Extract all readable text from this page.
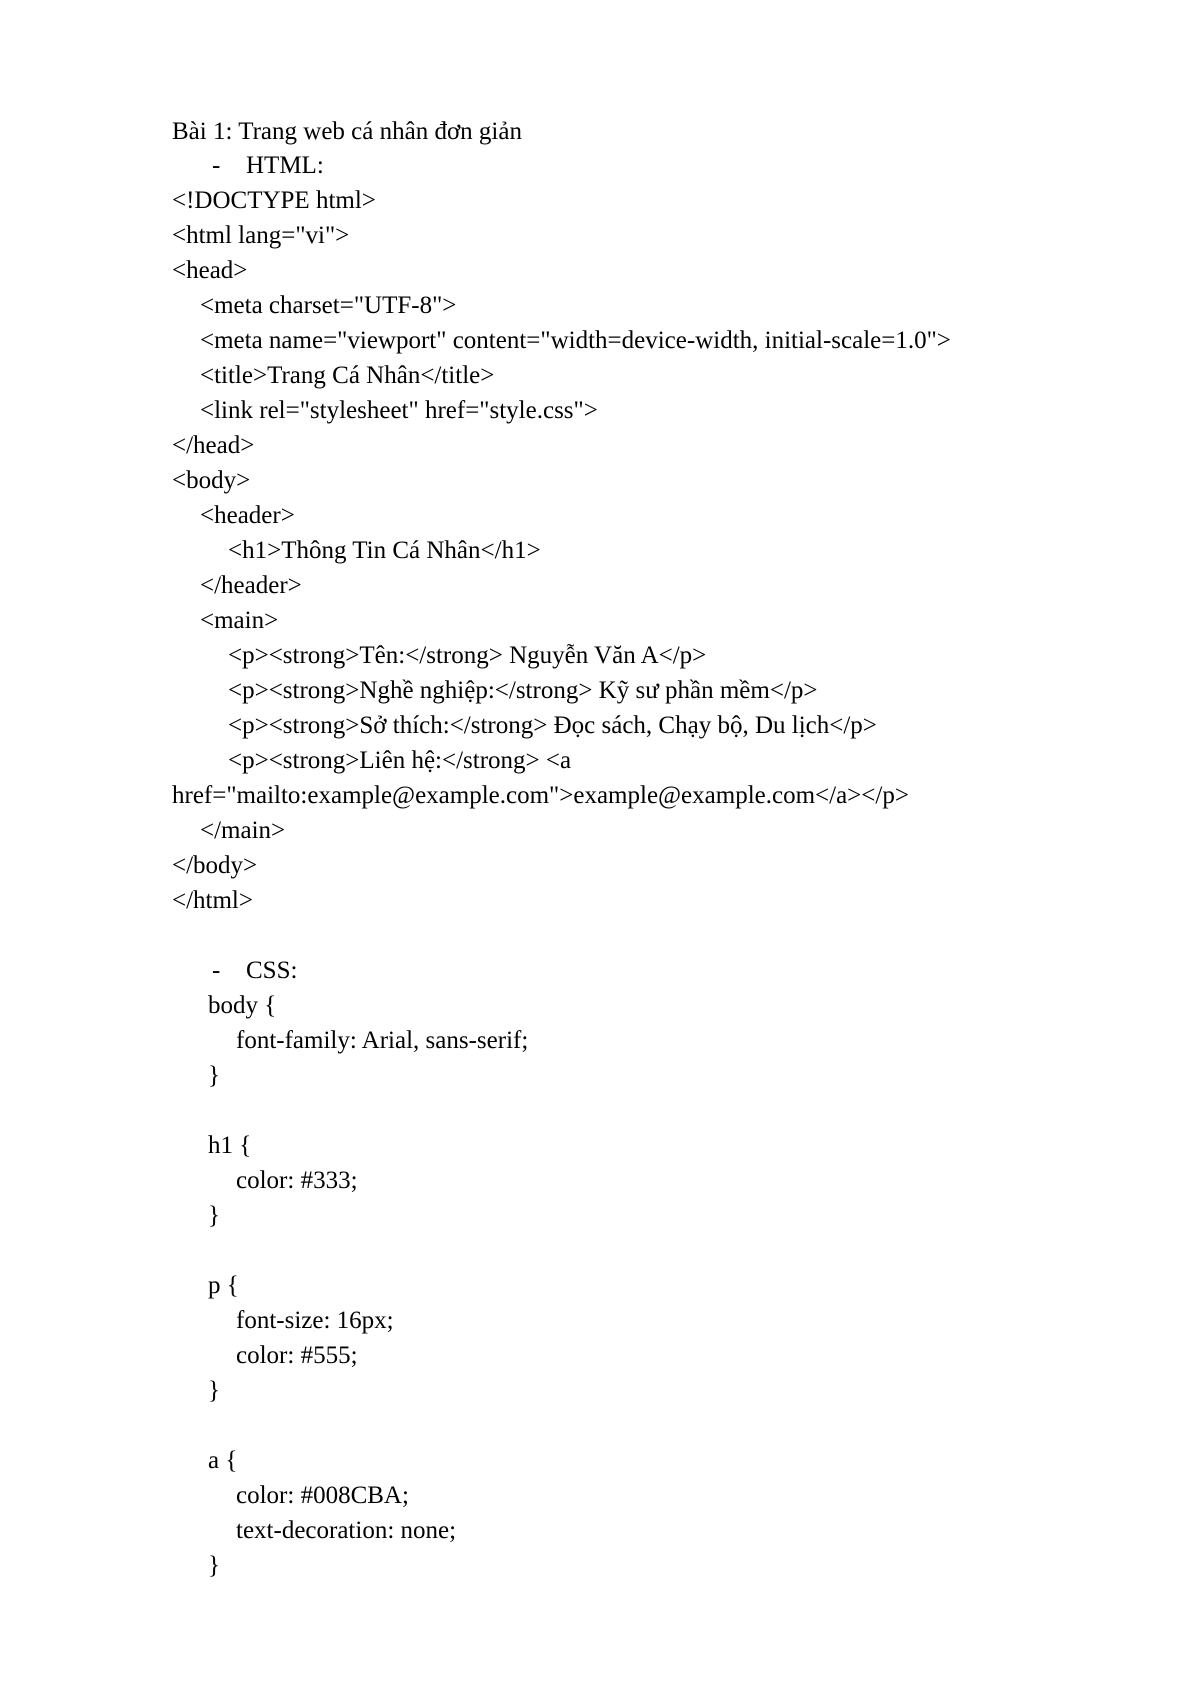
Bài 1: Trang web cá nhân đơn giản

- HTML:

<!DOCTYPE html>

<html lang="vi">

<head>

<meta charset="UTF-8">

<meta name="viewport" content="width=device-width, initial-scale=1.0">

<title>Trang Cá Nhân</title>

<link rel="stylesheet" href="style.css">

</head>

<body>

<header>

<h1>Thông Tin Cá Nhân</h1>

</header>

<main>

<p><strong>Tên:</strong> Nguyễn Văn A</p>

<p><strong>Nghề nghiệp:</strong> Kỹ sư phần mềm</p>

<p><strong>Sở thích:</strong> Đọc sách, Chạy bộ, Du lịch</p>

<p><strong>Liên hệ:</strong> <a

href="mailto:example@example.com">example@example.com</a></p>

</main>

</body>

</html>

- CSS:

body {

font-family: Arial, sans-serif;

}

h1 {

color: #333;

}

p {

font-size: 16px;

color: #555;

}

a {

color: #008CBA;

text-decoration: none;

}
